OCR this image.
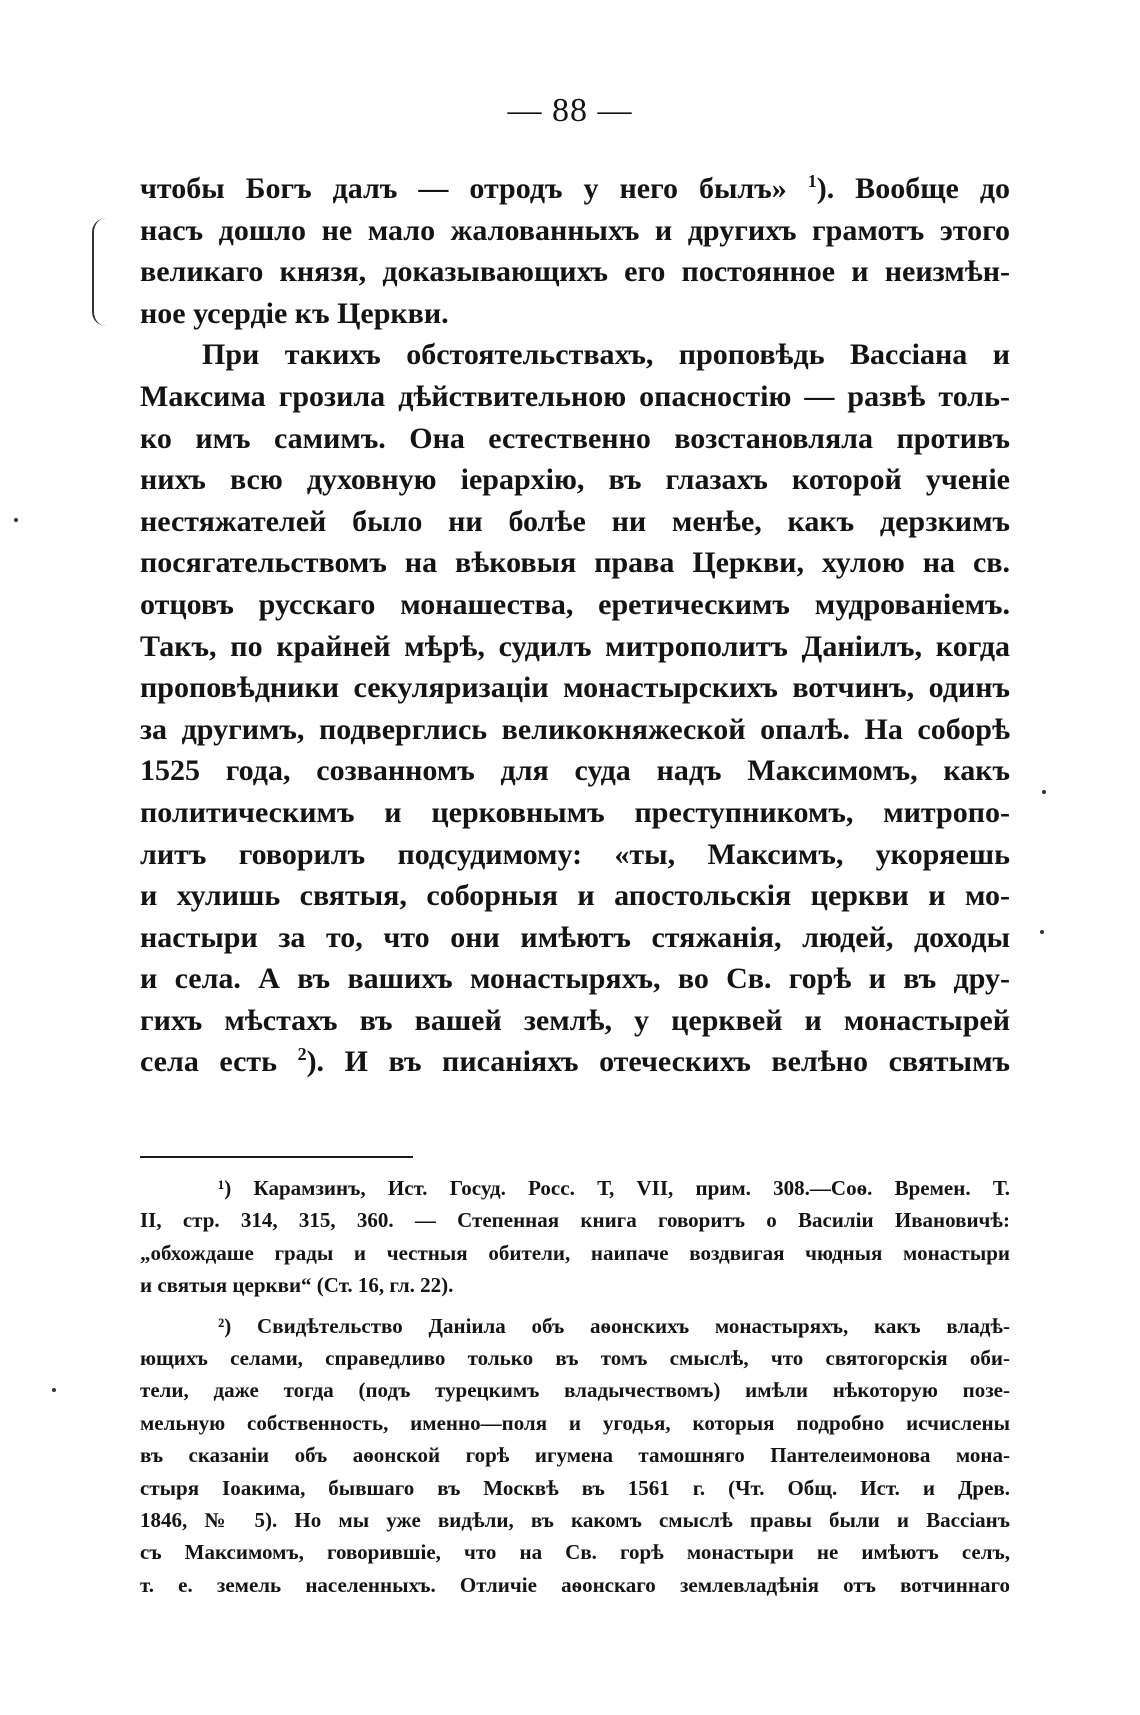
— 88 —
чтобы Богъ далъ — отродъ у него былъ» $^1$). Вообще до
насъ дошло не мало жалованныхъ и другихъ грамотъ этого
великаго князя, доказывающихъ его постоянное и неизмѣн-
ное усердіе къ Церкви.
При такихъ обстоятельствахъ, проповѣдь Вассіана и
Максима грозила дѣйствительною опасностію — развѣ толь-
ко имъ самимъ. Она естественно возстановляла противъ
нихъ всю духовную іерархію, въ глазахъ которой ученіе
нестяжателей было ни болѣе ни менѣе, какъ дерзкимъ
посягательствомъ на вѣковыя права Церкви, хулою на св.
отцовъ русскаго монашества, еретическимъ мудрованіемъ.
Такъ, по крайней мѣрѣ, судилъ митрополитъ Даніилъ, когда
проповѣдники секуляризаціи монастырскихъ вотчинъ, одинъ
за другимъ, подверглись великокняжеской опалѣ. На соборѣ
1525 года, созванномъ для суда надъ Максимомъ, какъ
политическимъ и церковнымъ преступникомъ, митропо-
литъ говорилъ подсудимому: «ты, Максимъ, укоряешь
и хулишь святыя, соборныя и апостольскія церкви и мо-
настыри за то, что они имѣютъ стяжанія, людей, доходы
и села. А въ вашихъ монастыряхъ, во Св. горѣ и въ дру-
гихъ мѣстахъ въ вашей землѣ, у церквей и монастырей
села есть $^2$). И въ писаніяхъ отеческихъ велѣно святымъ
¹) Карамзинъ, Ист. Госуд. Росс. Т, VII, прим. 308.—Соѳ. Времен. Т.
II, стр. 314, 315, 360. — Степенная книга говоритъ о Василіи Ивановичѣ:
„обхождаше грады и честныя обители, наипаче воздвигая чюдныя монастыри
и святыя церкви“ (Ст. 16, гл. 22).
²) Свидѣтельство Даніила объ аѳонскихъ монастыряхъ, какъ владѣ-
ющихъ селами, справедливо только въ томъ смыслѣ, что святогорскія оби-
тели, даже тогда (подъ турецкимъ владычествомъ) имѣли нѣкоторую позе-
мельную собственность, именно—поля и угодья, которыя подробно исчислены
въ сказаніи объ аѳонской горѣ игумена тамошняго Пантелеимонова мона-
стыря Іоакима, бывшаго въ Москвѣ въ 1561 г. (Чт. Общ. Ист. и Древ.
1846, № 5). Но мы уже видѣли, въ какомъ смыслѣ правы были и Вассіанъ
съ Максимомъ, говорившіе, что на Св. горѣ монастыри не имѣютъ селъ,
т. е. земель населенныхъ. Отличіе аѳонскаго землевладѣнія отъ вотчиннаго
